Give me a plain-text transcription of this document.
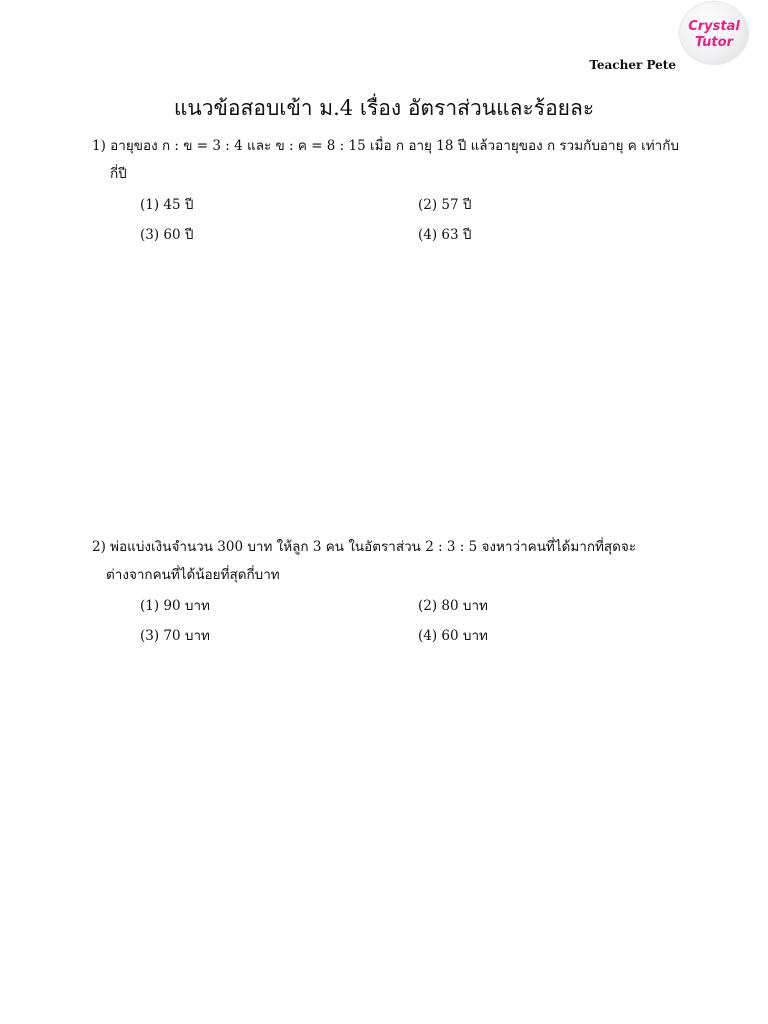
Crystal
Tutor
Teacher Pete
แนวข้อสอบเข้า ม.4 เรื่อง อัตราส่วนและร้อยละ
1) อายุของ ก : ข = 3 : 4 และ ข : ค = 8 : 15 เมื่อ ก อายุ 18 ปี แล้วอายุของ ก รวมกับอายุ ค เท่ากับ
กี่ปี
(1) 45 ปี	(2) 57 ปี
(3) 60 ปี	(4) 63 ปี
2) พ่อแบ่งเงินจำนวน 300 บาท ให้ลูก 3 คน ในอัตราส่วน 2 : 3 : 5 จงหาว่าคนที่ได้มากที่สุดจะ
ต่างจากคนที่ได้น้อยที่สุดกี่บาท
(1) 90 บาท	(2) 80 บาท
(3) 70 บาท	(4) 60 บาท
